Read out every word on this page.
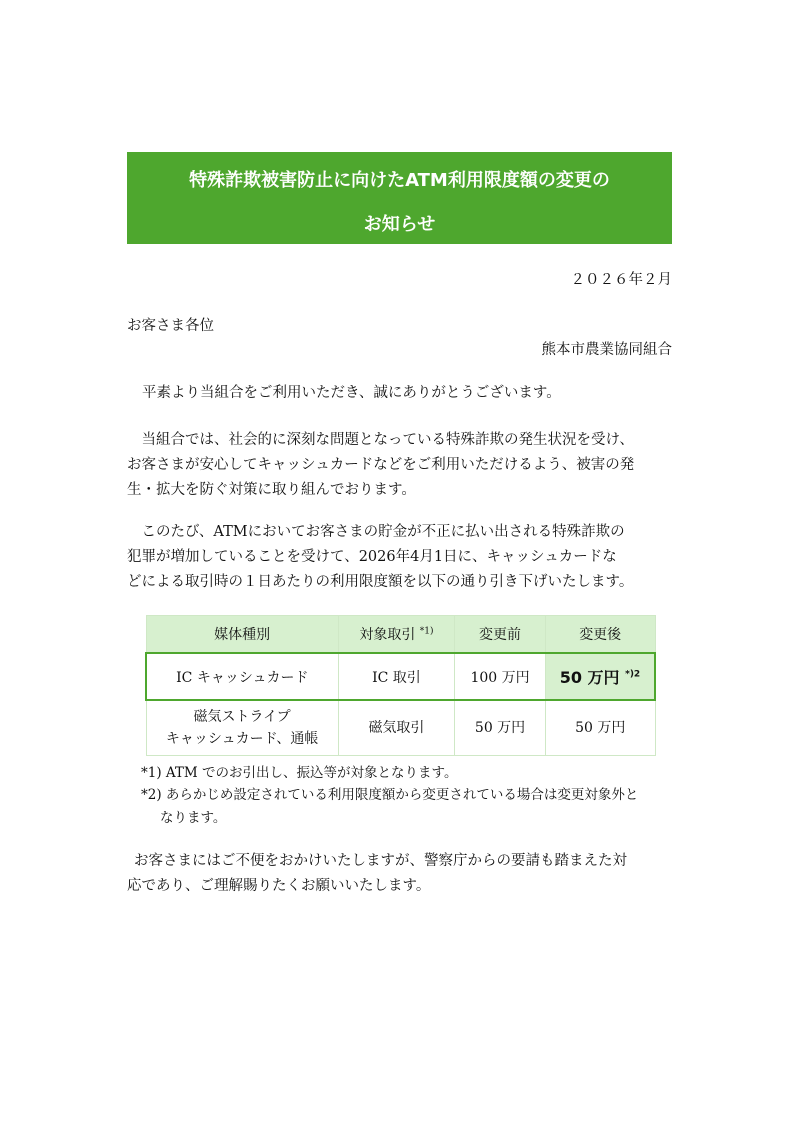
特殊詐欺被害防止に向けたATM利用限度額の変更の
お知らせ
２０２６年２月
お客さま各位
熊本市農業協同組合
平素より当組合をご利用いただき、誠にありがとうございます。
　当組合では、社会的に深刻な問題となっている特殊詐欺の発生状況を受け、
お客さまが安心してキャッシュカードなどをご利用いただけるよう、被害の発
生・拡大を防ぐ対策に取り組んでおります。
　このたび、ATMにおいてお客さまの貯金が不正に払い出される特殊詐欺の
犯罪が増加していることを受けて、2026年4月1日に、キャッシュカードな
どによる取引時の１日あたりの利用限度額を以下の通り引き下げいたします。
媒体種別	対象取引 $^{*1)}$	変更前	変更後
IC キャッシュカード	IC 取引	100 万円	50 万円 $^{*)2}$

磁気ストライプ
キャッシュカード、通帳	磁気取引	50 万円	50 万円
*1) ATM でのお引出し、振込等が対象となります。
*2) あらかじめ設定されている利用限度額から変更されている場合は変更対象外と
なります。
お客さまにはご不便をおかけいたしますが、警察庁からの要請も踏まえた対
応であり、ご理解賜りたくお願いいたします。
